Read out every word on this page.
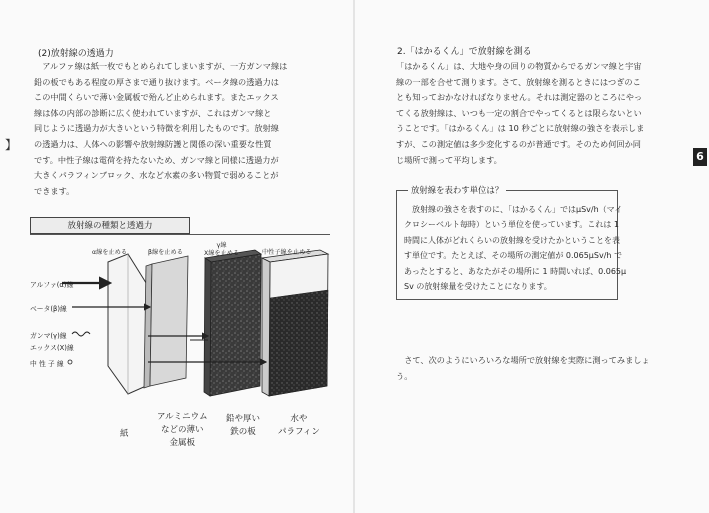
】
(2)放射線の透過力
　アルファ線は紙一枚でもとめられてしまいますが、一方ガンマ線は
鉛の板でもある程度の厚さまで通り抜けます。ベータ線の透過力は
この中間くらいで薄い金属板で殆んど止められます。またエックス
線は体の内部の診断に広く使われていますが、これはガンマ線と
同じように透過力が大きいという特徴を利用したものです。放射線
の透過力は、人体への影響や放射線防護と関係の深い重要な性質
です。中性子線は電荷を持たないため、ガンマ線と同様に透過力が
大きくパラフィンブロック、水など水素の多い物質で弱めることが
できます。
放射線の種類と透過力
α線を止める	β線を止める
γ線
X線を止める	中性子線を止める
アルファ(α)線
ベータ(β)線
ガンマ(γ)線
エックス(X)線
中 性 子 線
紙
アルミニウム
などの薄い
金属板
鉛や厚い
鉄の板
水や
パラフィン
2.「はかるくん」で放射線を測る
「はかるくん」は、大地や身の回りの物質からでるガンマ線と宇宙
線の一部を合せて測ります。さて、放射線を測るときにはつぎのこ
とも知っておかなければなりません。それは測定器のところにやっ
てくる放射線は、いつも一定の割合でやってくるとは限らないとい
うことです。「はかるくん」は 10 秒ごとに放射線の強さを表示しま
すが、この測定値は多少変化するのが普通です。そのため何回か同
じ場所で測って平均します。
放射線を表わす単位は？
　放射線の強さを表すのに、「はかるくん」ではμSv/h（マイ
クロシーベルト毎時）という単位を使っています。これは 1
時間に人体がどれくらいの放射線を受けたかということを表
す単位です。たとえば、その場所の測定値が 0.065μSv/h で
あったとすると、あなたがその場所に 1 時間いれば、0.065μ
Sv の放射線量を受けたことになります。
　さて、次のようにいろいろな場所で放射線を実際に測ってみましょ
う。
6
